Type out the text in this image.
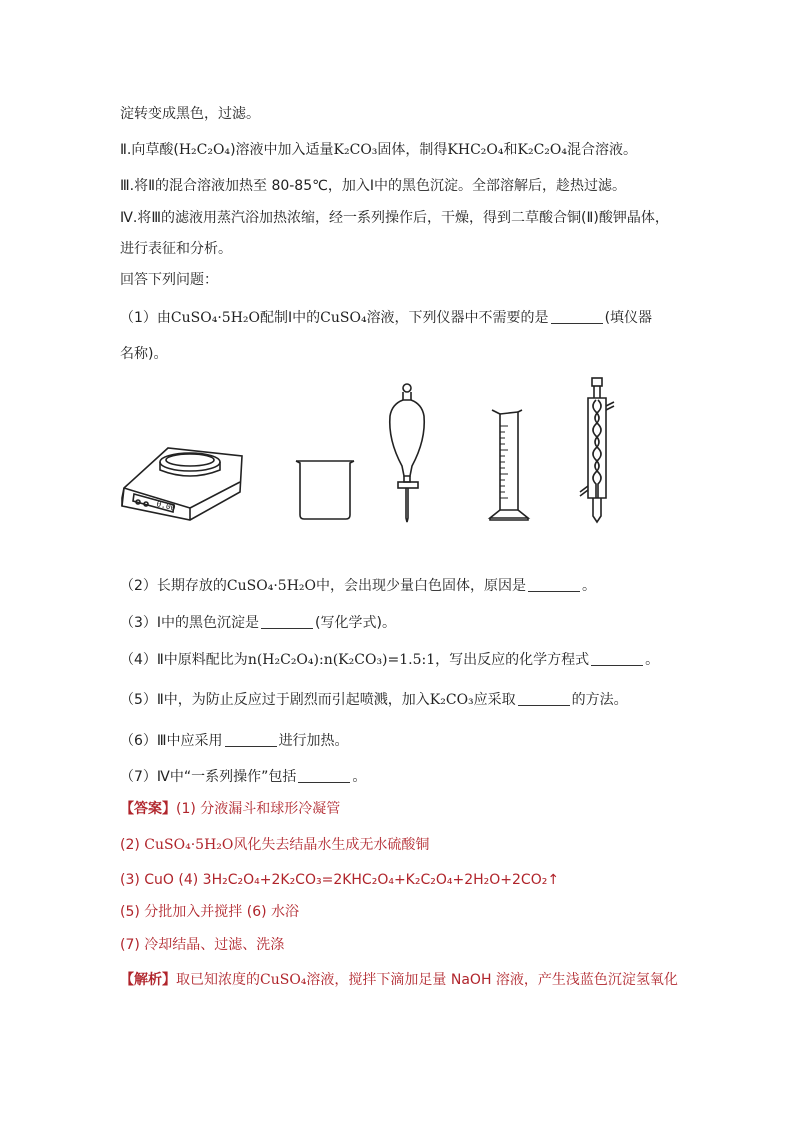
淀转变成黑色，过滤。
Ⅱ.向草酸(H₂C₂O₄)溶液中加入适量K₂CO₃固体，制得KHC₂O₄和K₂C₂O₄混合溶液。
Ⅲ.将Ⅱ的混合溶液加热至 80-85℃，加入Ⅰ中的黑色沉淀。全部溶解后，趁热过滤。
Ⅳ.将Ⅲ的滤液用蒸汽浴加热浓缩，经一系列操作后，干燥，得到二草酸合铜(Ⅱ)酸钾晶体，
进行表征和分析。
回答下列问题：
（1）由CuSO₄·5H₂O配制Ⅰ中的CuSO₄溶液，下列仪器中不需要的是	(填仪器
名称)。
0.00
（2）长期存放的CuSO₄·5H₂O中，会出现少量白色固体，原因是	。
（3）Ⅰ中的黑色沉淀是	(写化学式)。
（4）Ⅱ中原料配比为n(H₂C₂O₄):n(K₂CO₃)=1.5:1，写出反应的化学方程式	。
（5）Ⅱ中，为防止反应过于剧烈而引起喷溅，加入K₂CO₃应采取	的方法。
（6）Ⅲ中应采用	进行加热。
（7）Ⅳ中“一系列操作”包括	。
【答案】(1) 分液漏斗和球形冷凝管
(2) CuSO₄·5H₂O风化失去结晶水生成无水硫酸铜
(3) CuO (4) 3H₂C₂O₄+2K₂CO₃=2KHC₂O₄+K₂C₂O₄+2H₂O+2CO₂↑
(5) 分批加入并搅拌 (6) 水浴
(7) 冷却结晶、过滤、洗涤
【解析】取已知浓度的CuSO₄溶液，搅拌下滴加足量 NaOH 溶液，产生浅蓝色沉淀氢氧化
